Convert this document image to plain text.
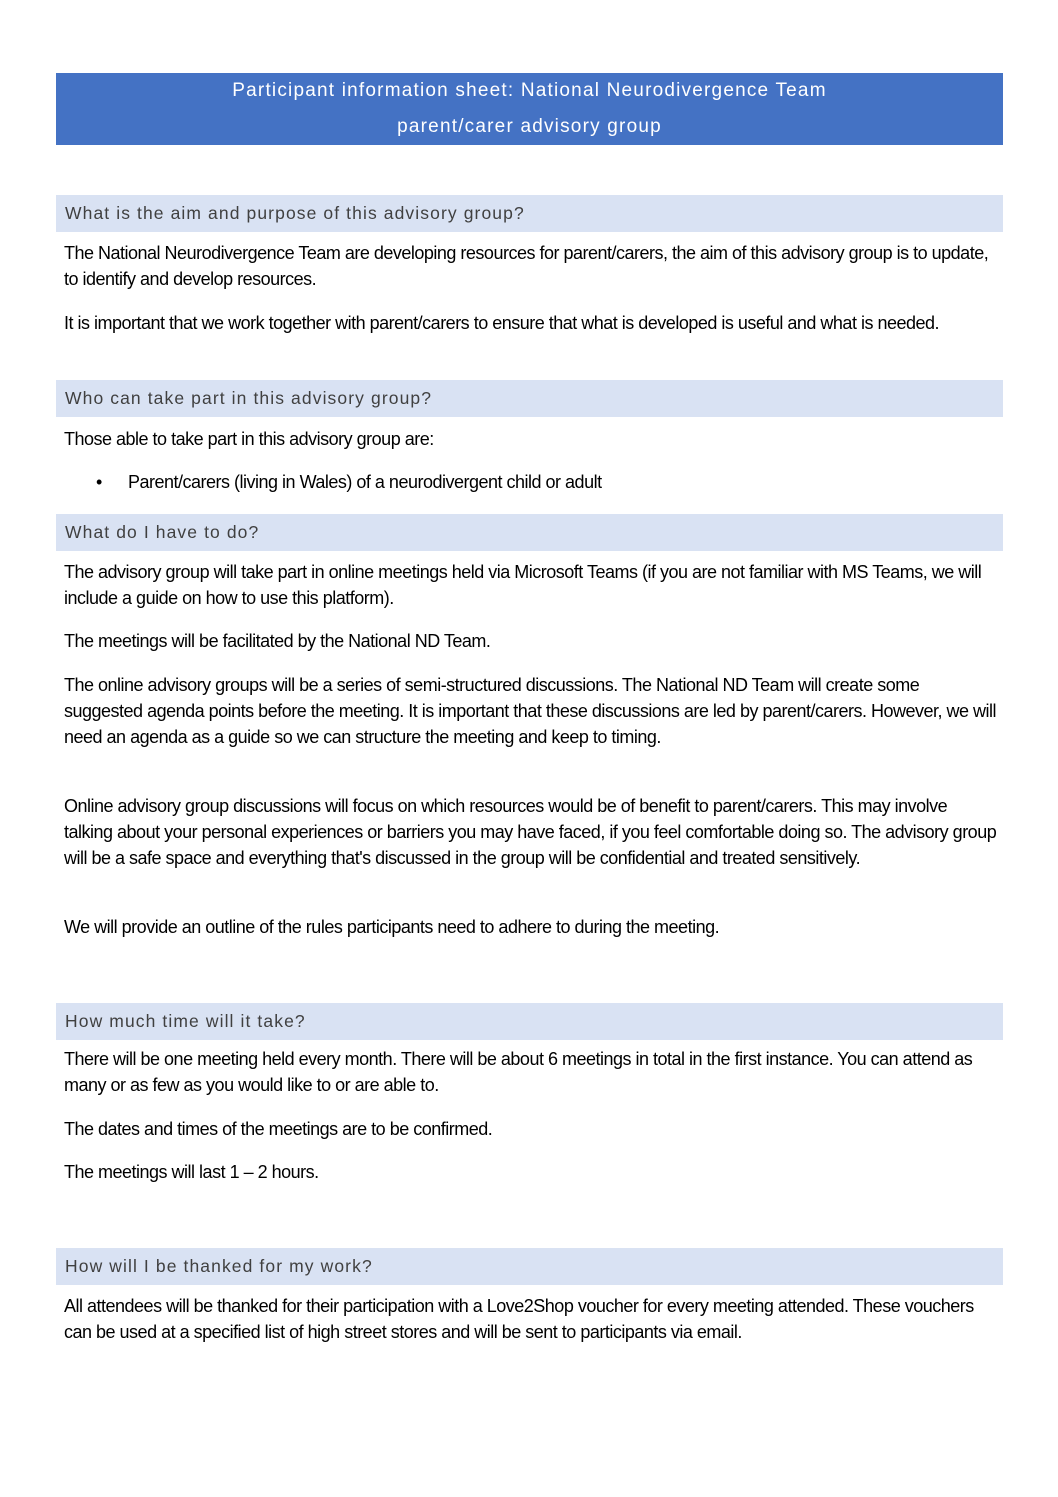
Participant information sheet: National Neurodivergence Team
parent/carer advisory group
What is the aim and purpose of this advisory group?

The National Neurodivergence Team are developing resources for parent/carers, the aim of this advisory group is to update, to identify and develop resources.

It is important that we work together with parent/carers to ensure that what is developed is useful and what is needed.

Who can take part in this advisory group?

Those able to take part in this advisory group are:

• Parent/carers (living in Wales) of a neurodivergent child or adult
What do I have to do?

The advisory group will take part in online meetings held via Microsoft Teams (if you are not familiar with MS Teams, we will include a guide on how to use this platform).

The meetings will be facilitated by the National ND Team.

The online advisory groups will be a series of semi-structured discussions. The National ND Team will create some suggested agenda points before the meeting. It is important that these discussions are led by parent/carers. However, we will need an agenda as a guide so we can structure the meeting and keep to timing.

Online advisory group discussions will focus on which resources would be of benefit to parent/carers. This may involve talking about your personal experiences or barriers you may have faced, if you feel comfortable doing so. The advisory group will be a safe space and everything that's discussed in the group will be confidential and treated sensitively.

We will provide an outline of the rules participants need to adhere to during the meeting.

How much time will it take?

There will be one meeting held every month. There will be about 6 meetings in total in the first instance. You can attend as many or as few as you would like to or are able to.

The dates and times of the meetings are to be confirmed.

The meetings will last 1 – 2 hours.

How will I be thanked for my work?

All attendees will be thanked for their participation with a Love2Shop voucher for every meeting attended. These vouchers can be used at a specified list of high street stores and will be sent to participants via email.
